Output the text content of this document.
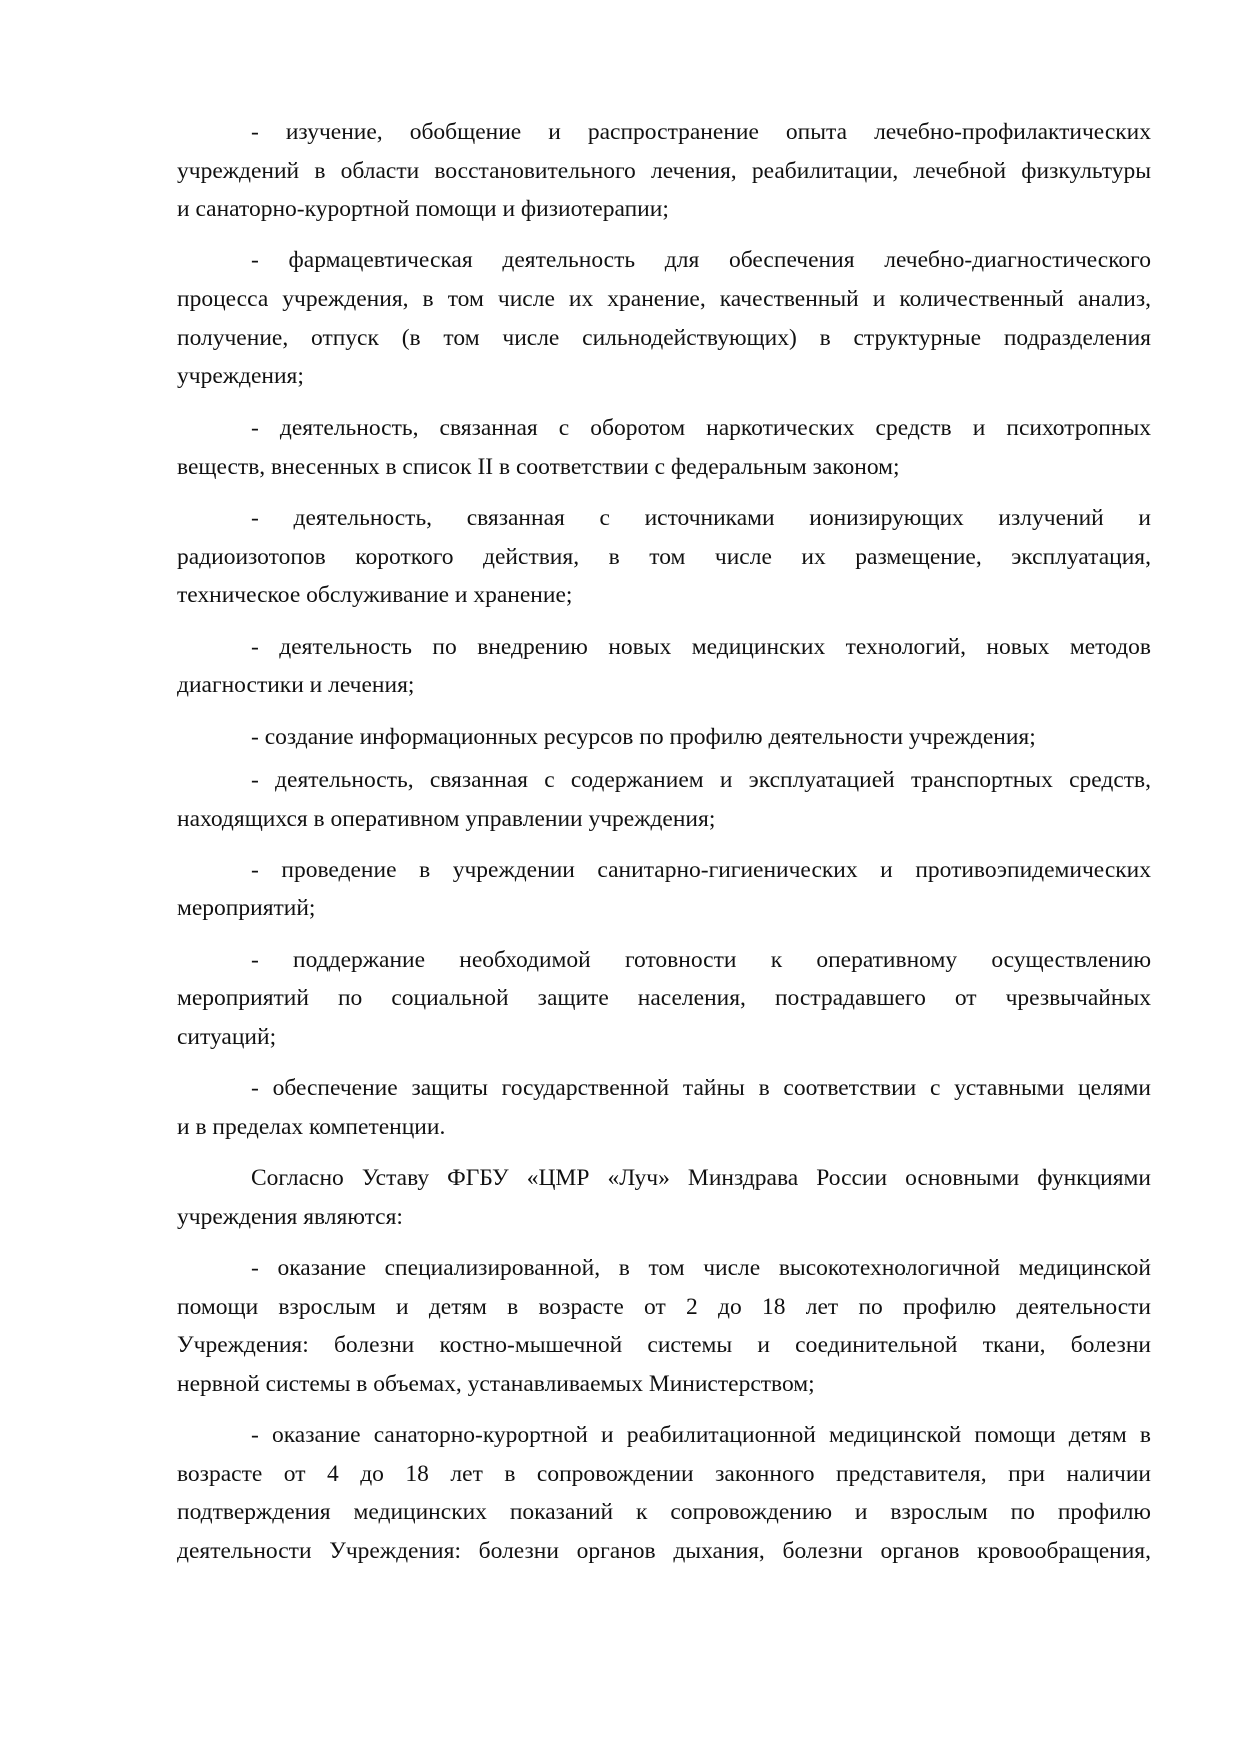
- изучение, обобщение и распространение опыта лечебно-профилактических
учреждений в области восстановительного лечения, реабилитации, лечебной физкультуры
и санаторно-курортной помощи и физиотерапии;
- фармацевтическая деятельность для обеспечения лечебно-диагностического
процесса учреждения, в том числе их хранение, качественный и количественный анализ,
получение, отпуск (в том числе сильнодействующих) в структурные подразделения
учреждения;
- деятельность, связанная с оборотом наркотических средств и психотропных
веществ, внесенных в список II в соответствии с федеральным законом;
- деятельность, связанная с источниками ионизирующих излучений и
радиоизотопов короткого действия, в том числе их размещение, эксплуатация,
техническое обслуживание и хранение;
- деятельность по внедрению новых медицинских технологий, новых методов
диагностики и лечения;
- создание информационных ресурсов по профилю деятельности учреждения;
- деятельность, связанная с содержанием и эксплуатацией транспортных средств,
находящихся в оперативном управлении учреждения;
- проведение в учреждении санитарно-гигиенических и противоэпидемических
мероприятий;
- поддержание необходимой готовности к оперативному осуществлению
мероприятий по социальной защите населения, пострадавшего от чрезвычайных
ситуаций;
- обеспечение защиты государственной тайны в соответствии с уставными целями
и в пределах компетенции.
Согласно Уставу ФГБУ «ЦМР «Луч» Минздрава России основными функциями
учреждения являются:
- оказание специализированной, в том числе высокотехнологичной медицинской
помощи взрослым и детям в возрасте от 2 до 18 лет по профилю деятельности
Учреждения: болезни костно-мышечной системы и соединительной ткани, болезни
нервной системы в объемах, устанавливаемых Министерством;
- оказание санаторно-курортной и реабилитационной медицинской помощи детям в
возрасте от 4 до 18 лет в сопровождении законного представителя, при наличии
подтверждения медицинских показаний к сопровождению и взрослым по профилю
деятельности Учреждения: болезни органов дыхания, болезни органов кровообращения,
